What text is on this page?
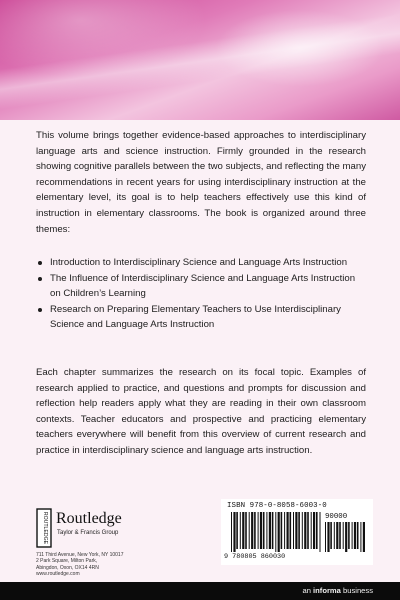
This volume brings together evidence-based approaches to interdisciplinary language arts and science instruction. Firmly grounded in the research showing cognitive parallels between the two subjects, and reflecting the many recommendations in recent years for using interdisciplinary instruction at the elementary level, its goal is to help teachers effectively use this kind of instruction in elementary classrooms. The book is organized around three themes:

Introduction to Interdisciplinary Science and Language Arts Instruction
The Influence of Interdisciplinary Science and Language Arts Instruction on Children’s Learning
Research on Preparing Elementary Teachers to Use Interdisciplinary Science and Language Arts Instruction

Each chapter summarizes the research on its focal topic. Examples of research applied to practice, and questions and prompts for discussion and reflection help readers apply what they are reading in their own classroom contexts. Teacher educators and prospective and practicing elementary teachers everywhere will benefit from this overview of current research and practice in interdisciplinary science and language arts instruction.

ROUTLEDGE Routledge
Taylor & Francis Group
711 Third Avenue, New York, NY 10017
2 Park Square, Milton Park,
Abingdon, Oxon, OX14 4RN
www.routledge.com
ISBN 978-0-8058-6003-0
90000
9 780805 860030
an informa business
